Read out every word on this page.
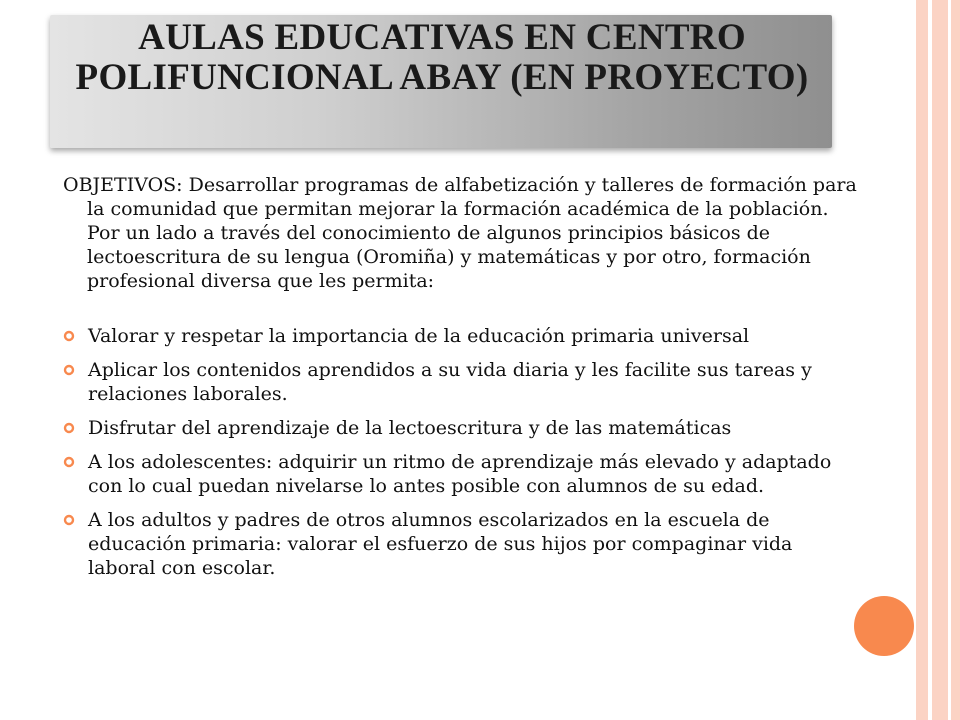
AULAS EDUCATIVAS EN CENTRO POLIFUNCIONAL ABAY (EN PROYECTO)
OBJETIVOS: Desarrollar programas de alfabetización y talleres de formación para la comunidad que permitan mejorar la formación académica de la población. Por un lado a través del conocimiento de algunos principios básicos de lectoescritura de su lengua (Oromiña) y matemáticas y por otro, formación profesional diversa que les permita:
Valorar y respetar la importancia de la educación primaria universal
Aplicar los contenidos aprendidos a su vida diaria y les facilite sus tareas y relaciones laborales.
Disfrutar del aprendizaje de la lectoescritura y de las matemáticas
A los adolescentes: adquirir un ritmo de aprendizaje más elevado y adaptado con lo cual puedan nivelarse lo antes posible con alumnos de su edad.
A los adultos y padres de otros alumnos escolarizados en la escuela de educación primaria: valorar el esfuerzo de sus hijos por compaginar vida laboral con escolar.
